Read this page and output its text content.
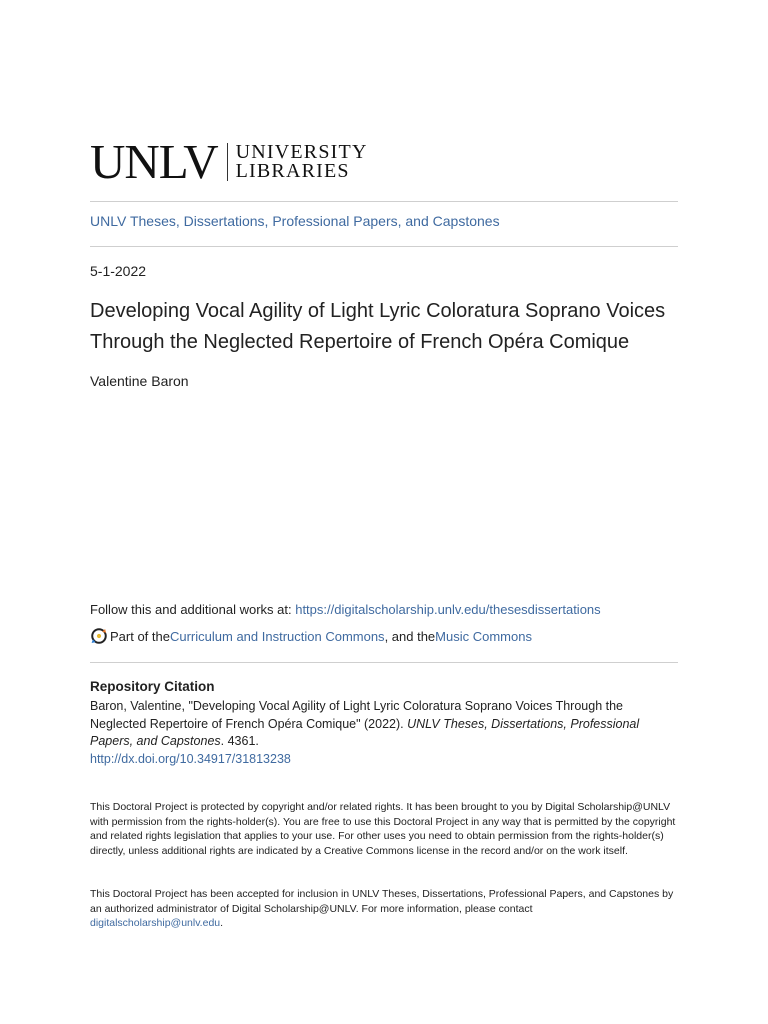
UNLV UNIVERSITY
LIBRARIES
UNLV Theses, Dissertations, Professional Papers, and Capstones
5-1-2022
Developing Vocal Agility of Light Lyric Coloratura Soprano Voices Through the Neglected Repertoire of French Opéra Comique
Valentine Baron
Follow this and additional works at: https://digitalscholarship.unlv.edu/thesesdissertations
Part of the Curriculum and Instruction Commons , and the Music Commons
Repository Citation
Baron, Valentine, "Developing Vocal Agility of Light Lyric Coloratura Soprano Voices Through the Neglected Repertoire of French Opéra Comique" (2022). UNLV Theses, Dissertations, Professional Papers, and Capstones. 4361.
http://dx.doi.org/10.34917/31813238
This Doctoral Project is protected by copyright and/or related rights. It has been brought to you by Digital Scholarship@UNLV with permission from the rights-holder(s). You are free to use this Doctoral Project in any way that is permitted by the copyright and related rights legislation that applies to your use. For other uses you need to obtain permission from the rights-holder(s) directly, unless additional rights are indicated by a Creative Commons license in the record and/or on the work itself.
This Doctoral Project has been accepted for inclusion in UNLV Theses, Dissertations, Professional Papers, and Capstones by an authorized administrator of Digital Scholarship@UNLV. For more information, please contact
digitalscholarship@unlv.edu.
